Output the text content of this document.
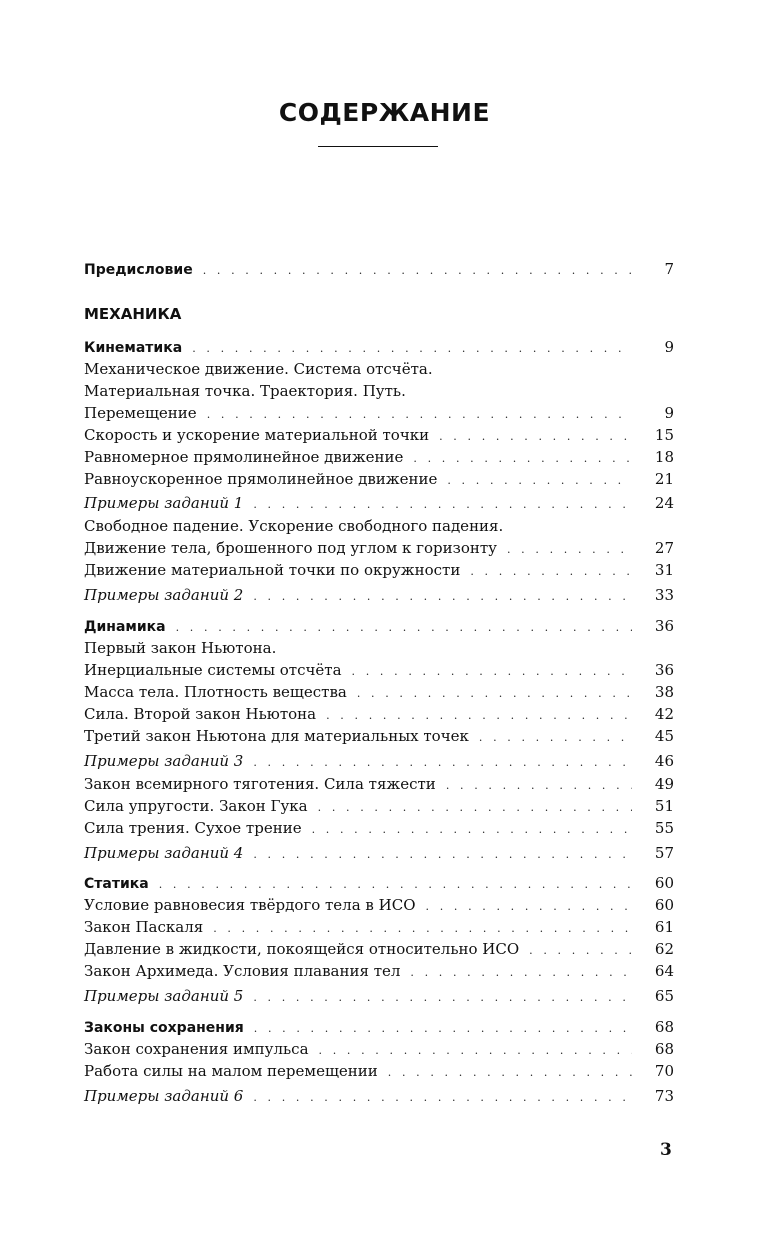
СОДЕРЖАНИЕ
Предисловие . . .	7
МЕХАНИКА
Кинематика . . .	9
Механическое движение. Система отсчёта.
Материальная точка. Траектория. Путь.
Перемещение . . .	9
Скорость и ускорение материальной точки . . .	15
Равномерное прямолинейное движение . . .	18
Равноускоренное прямолинейное движение . . .	21
Примеры заданий 1 . . .	24
Свободное падение. Ускорение свободного падения.
Движение тела, брошенного под углом к горизонту . . .	27
Движение материальной точки по окружности . . .	31
Примеры заданий 2 . . .	33
Динамика . . .	36
Первый закон Ньютона.
Инерциальные системы отсчёта . . .	36
Масса тела. Плотность вещества . . .	38
Сила. Второй закон Ньютона . . .	42
Третий закон Ньютона для материальных точек . . .	45
Примеры заданий 3 . . .	46
Закон всемирного тяготения. Сила тяжести . . .	49
Сила упругости. Закон Гука . . .	51
Сила трения. Сухое трение . . .	55
Примеры заданий 4 . . .	57
Статика . . .	60
Условие равновесия твёрдого тела в ИСО . . .	60
Закон Паскаля . . .	61
Давление в жидкости, покоящейся относительно ИСО . . .	62
Закон Архимеда. Условия плавания тел . . .	64
Примеры заданий 5 . . .	65
Законы сохранения . . .	68
Закон сохранения импульса . . .	68
Работа силы на малом перемещении . . .	70
Примеры заданий 6 . . .	73
3
